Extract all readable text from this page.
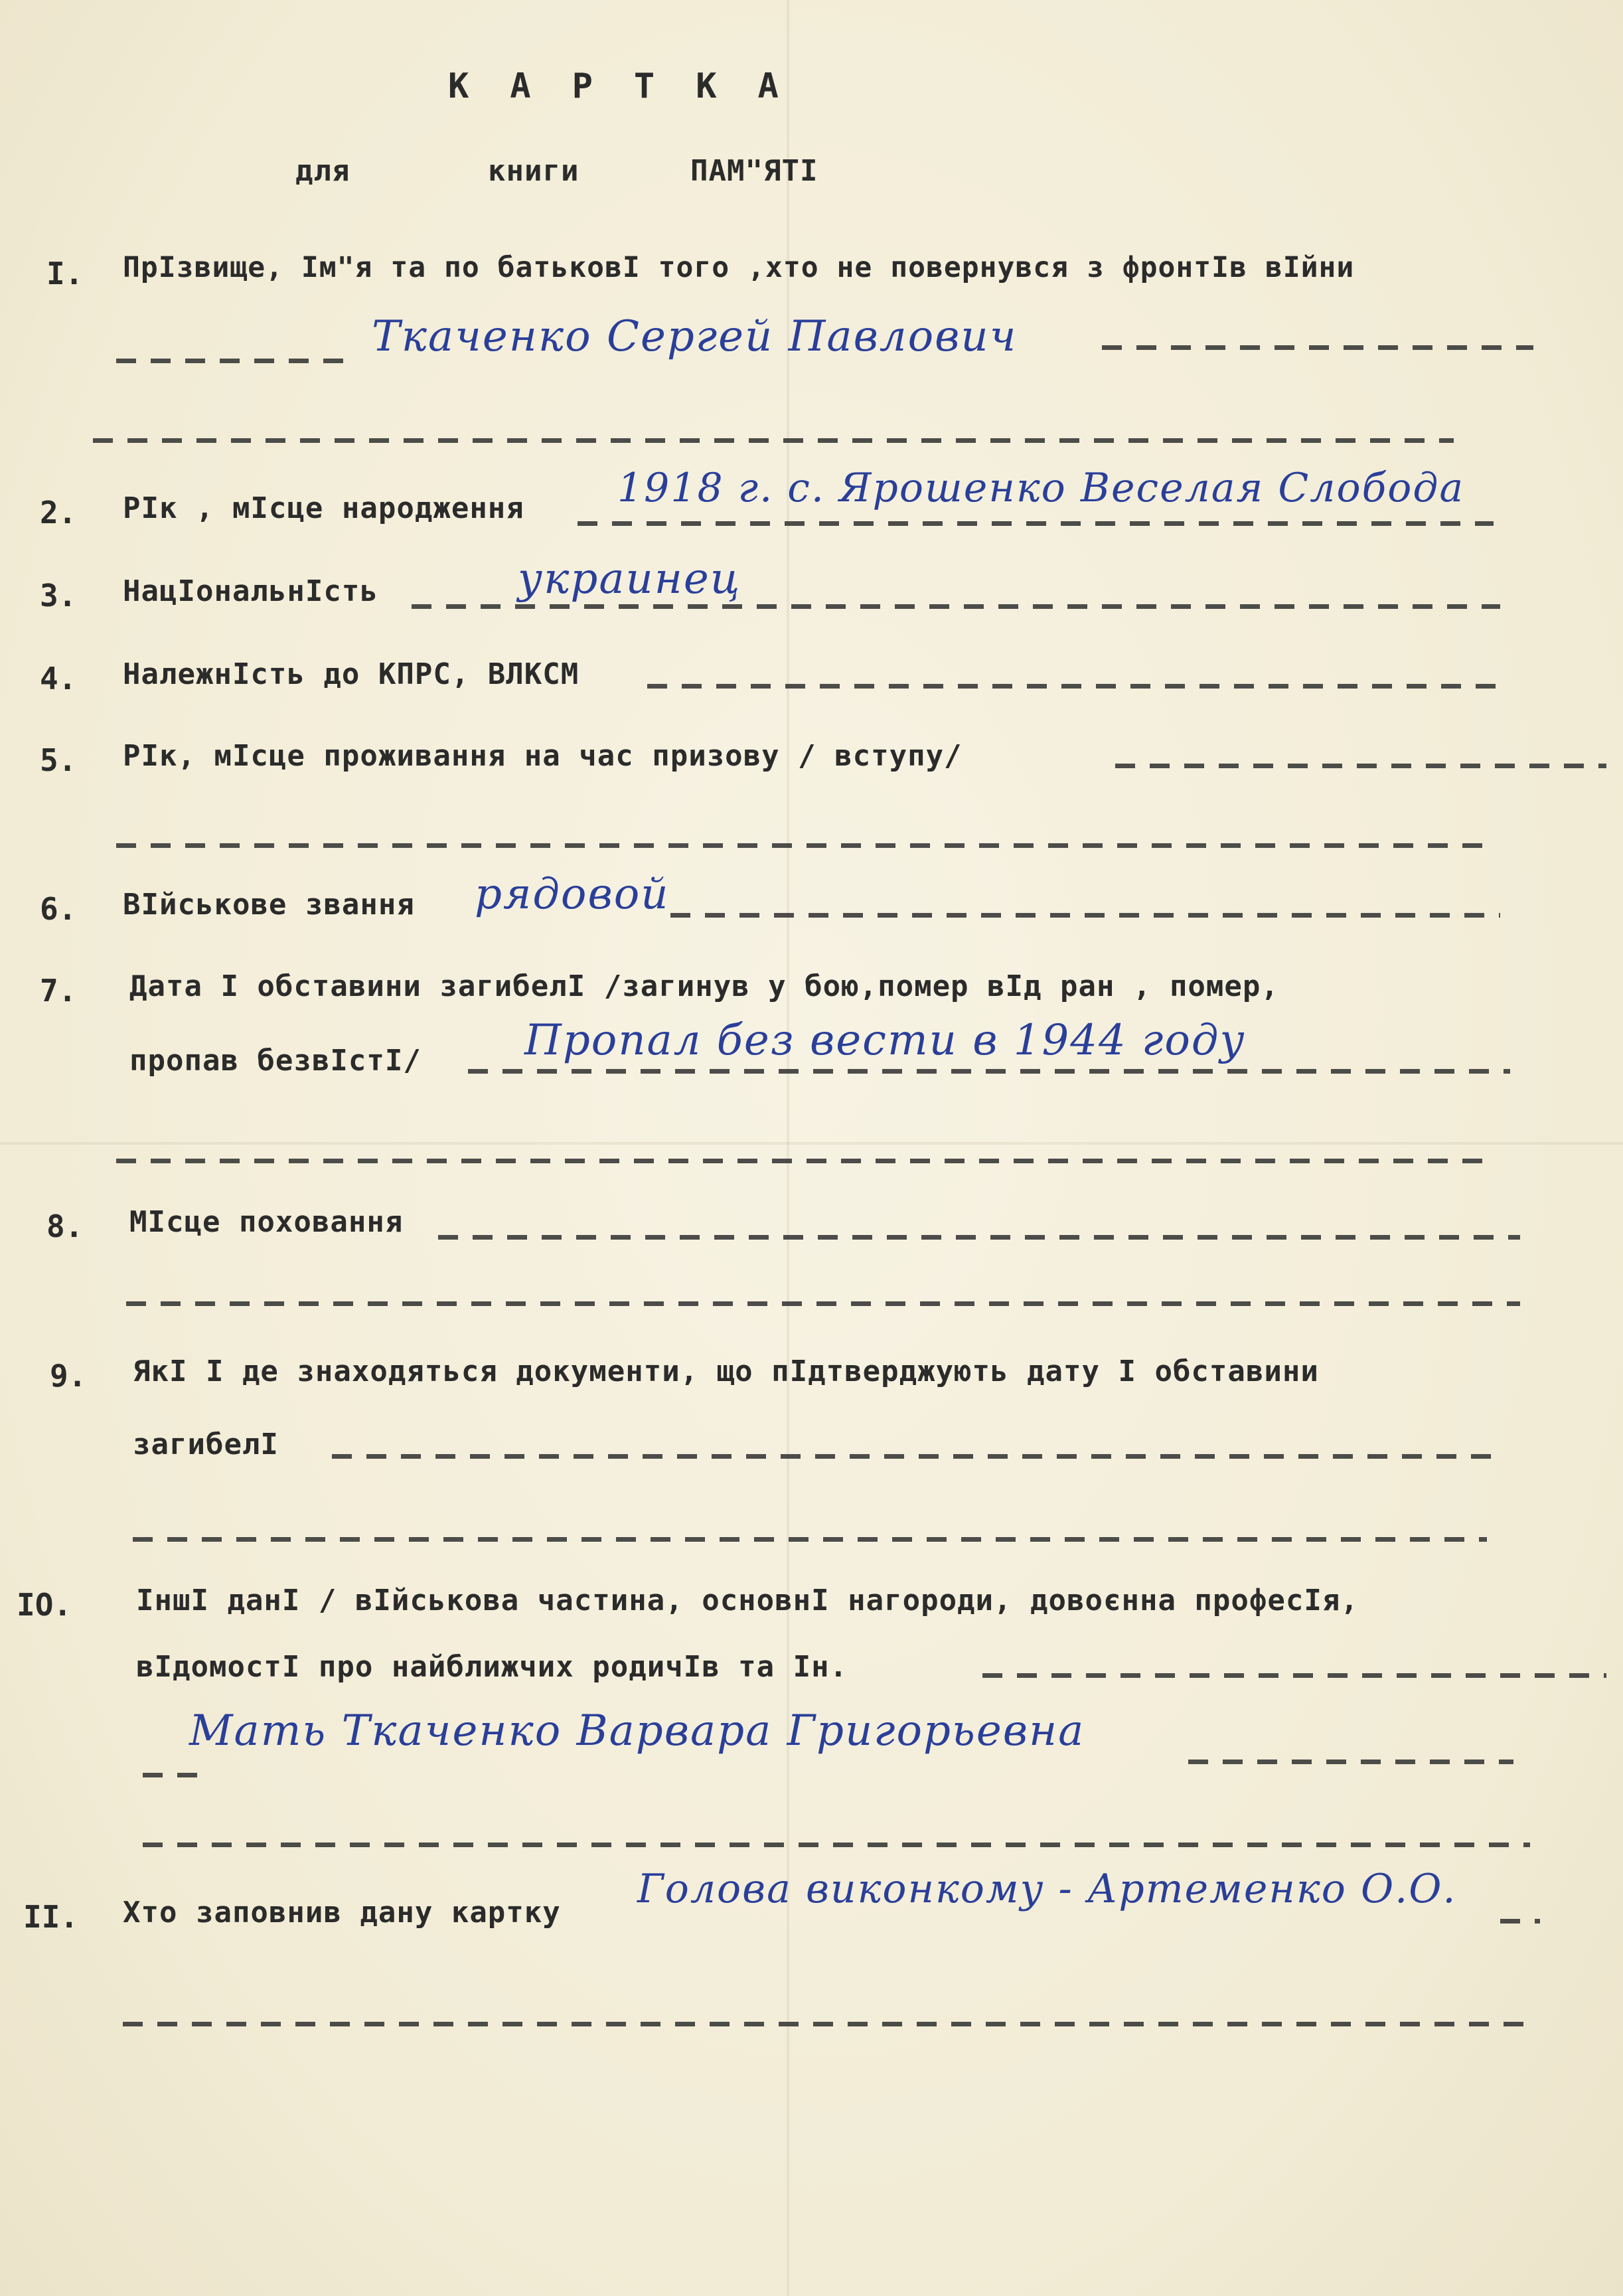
КАРТКА
для	книги	ПАМ"ЯТІ
I. ПрІзвище, Ім"я та по батьковІ того ,хто не повернувся з фронтІв вІйни
Ткаченко Сергей Павлович
2. РІк , мІсце народження 1918 г. с. Ярошенко Веселая Слобода
3. НацІональнІсть	украинец
4. НалежнІсть до КПРС, ВЛКСМ
5. РІк, мІсце проживання на час призову / вступу/
6. ВІйськове звання рядовой
7. Дата І обставини загибелІ /загинув у бою,помер вІд ран , помер,
пропав безвІстІ/ Пропал без вести в 1944 году
8. МІсце поховання
9. ЯкІ І де знаходяться документи, що пІдтверджують дату І обставини
загибелІ
IO. ІншІ данІ / вІйськова частина, основнІ нагороди, довоєнна професІя,
вІдомостІ про найближчих родичІв та Ін.
Мать Ткаченко Варвара Григорьевна
II. Хто заповнив дану картку
Голова виконкому - Артеменко О.О.
